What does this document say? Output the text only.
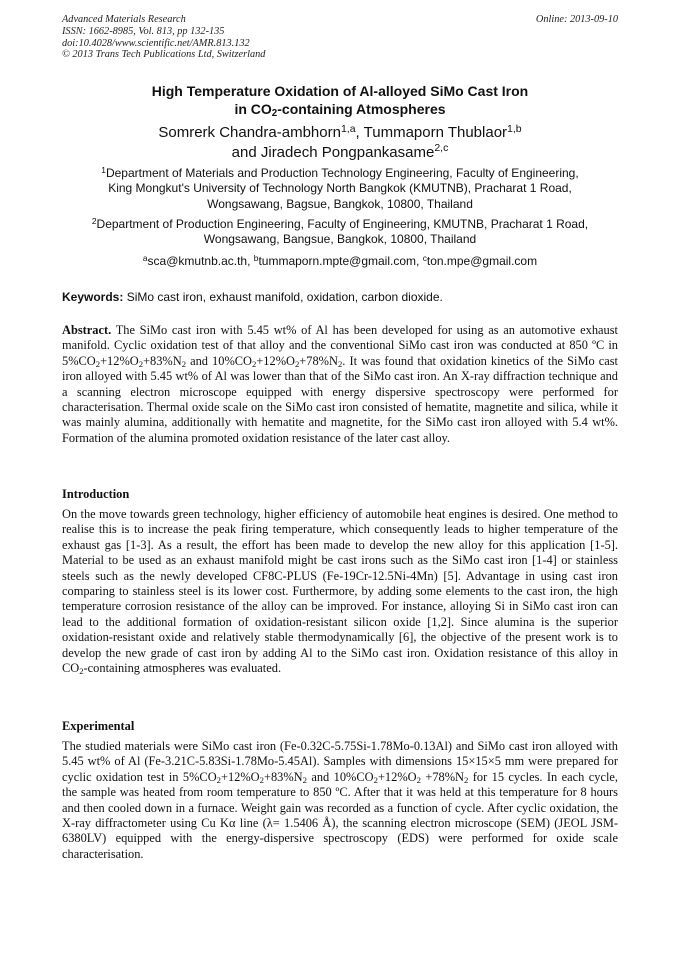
Advanced Materials Research
ISSN: 1662-8985, Vol. 813, pp 132-135
doi:10.4028/www.scientific.net/AMR.813.132
© 2013 Trans Tech Publications Ltd, Switzerland
Online: 2013-09-10
High Temperature Oxidation of Al-alloyed SiMo Cast Iron
in $CO_2$-containing Atmospheres
Somrerk Chandra-ambhorn$^{1,a}$, Tummaporn Thublaor$^{1,b}$
and Jiradech Pongpankasame$^{2,c}$
$^1$Department of Materials and Production Technology Engineering, Faculty of Engineering,
King Mongkut's University of Technology North Bangkok (KMUTNB), Pracharat 1 Road,
Wongsawang, Bagsue, Bangkok, 10800, Thailand
$^2$Department of Production Engineering, Faculty of Engineering, KMUTNB, Pracharat 1 Road,
Wongsawang, Bangsue, Bangkok, 10800, Thailand
$^a$sca@kmutnb.ac.th, $^b$tummaporn.mpte@gmail.com, $^c$ton.mpe@gmail.com
Keywords: SiMo cast iron, exhaust manifold, oxidation, carbon dioxide.
Abstract. The SiMo cast iron with 5.45 wt% of Al has been developed for using as an automotive exhaust manifold. Cyclic oxidation test of that alloy and the conventional SiMo cast iron was conducted at 850 ºC in $5\%CO_2+12\%O_2+83\%N_2$ and $10\%CO_2+12\%O_2+78\%N_2$. It was found that oxidation kinetics of the SiMo cast iron alloyed with 5.45 wt% of Al was lower than that of the SiMo cast iron. An X-ray diffraction technique and a scanning electron microscope equipped with energy dispersive spectroscopy were performed for characterisation. Thermal oxide scale on the SiMo cast iron consisted of hematite, magnetite and silica, while it was mainly alumina, additionally with hematite and magnetite, for the SiMo cast iron alloyed with 5.4 wt%. Formation of the alumina promoted oxidation resistance of the later cast alloy.
Introduction
On the move towards green technology, higher efficiency of automobile heat engines is desired. One method to realise this is to increase the peak firing temperature, which consequently leads to higher temperature of the exhaust gas [1-3]. As a result, the effort has been made to develop the new alloy for this application [1-5]. Material to be used as an exhaust manifold might be cast irons such as the SiMo cast iron [1-4] or stainless steels such as the newly developed CF8C-PLUS (Fe-19Cr-12.5Ni-4Mn) [5]. Advantage in using cast iron comparing to stainless steel is its lower cost. Furthermore, by adding some elements to the cast iron, the high temperature corrosion resistance of the alloy can be improved. For instance, alloying Si in SiMo cast iron can lead to the additional formation of oxidation-resistant silicon oxide [1,2]. Since alumina is the superior oxidation-resistant oxide and relatively stable thermodynamically [6], the objective of the present work is to develop the new grade of cast iron by adding Al to the SiMo cast iron. Oxidation resistance of this alloy in $CO_2$-containing atmospheres was evaluated.
Experimental
The studied materials were SiMo cast iron (Fe-0.32C-5.75Si-1.78Mo-0.13Al) and SiMo cast iron alloyed with 5.45 wt% of Al (Fe-3.21C-5.83Si-1.78Mo-5.45Al). Samples with dimensions 15×15×5 mm were prepared for cyclic oxidation test in $5\%CO_2+12\%O_2+83\%N_2$ and $10\%CO_2+12\%O_2 +78\%N_2$ for 15 cycles. In each cycle, the sample was heated from room temperature to 850 ºC. After that it was held at this temperature for 8 hours and then cooled down in a furnace. Weight gain was recorded as a function of cycle. After cyclic oxidation, the X-ray diffractometer using Cu Kα line (λ= 1.5406 Å), the scanning electron microscope (SEM) (JEOL JSM-6380LV) equipped with the energy-dispersive spectroscopy (EDS) were performed for oxide scale characterisation.
